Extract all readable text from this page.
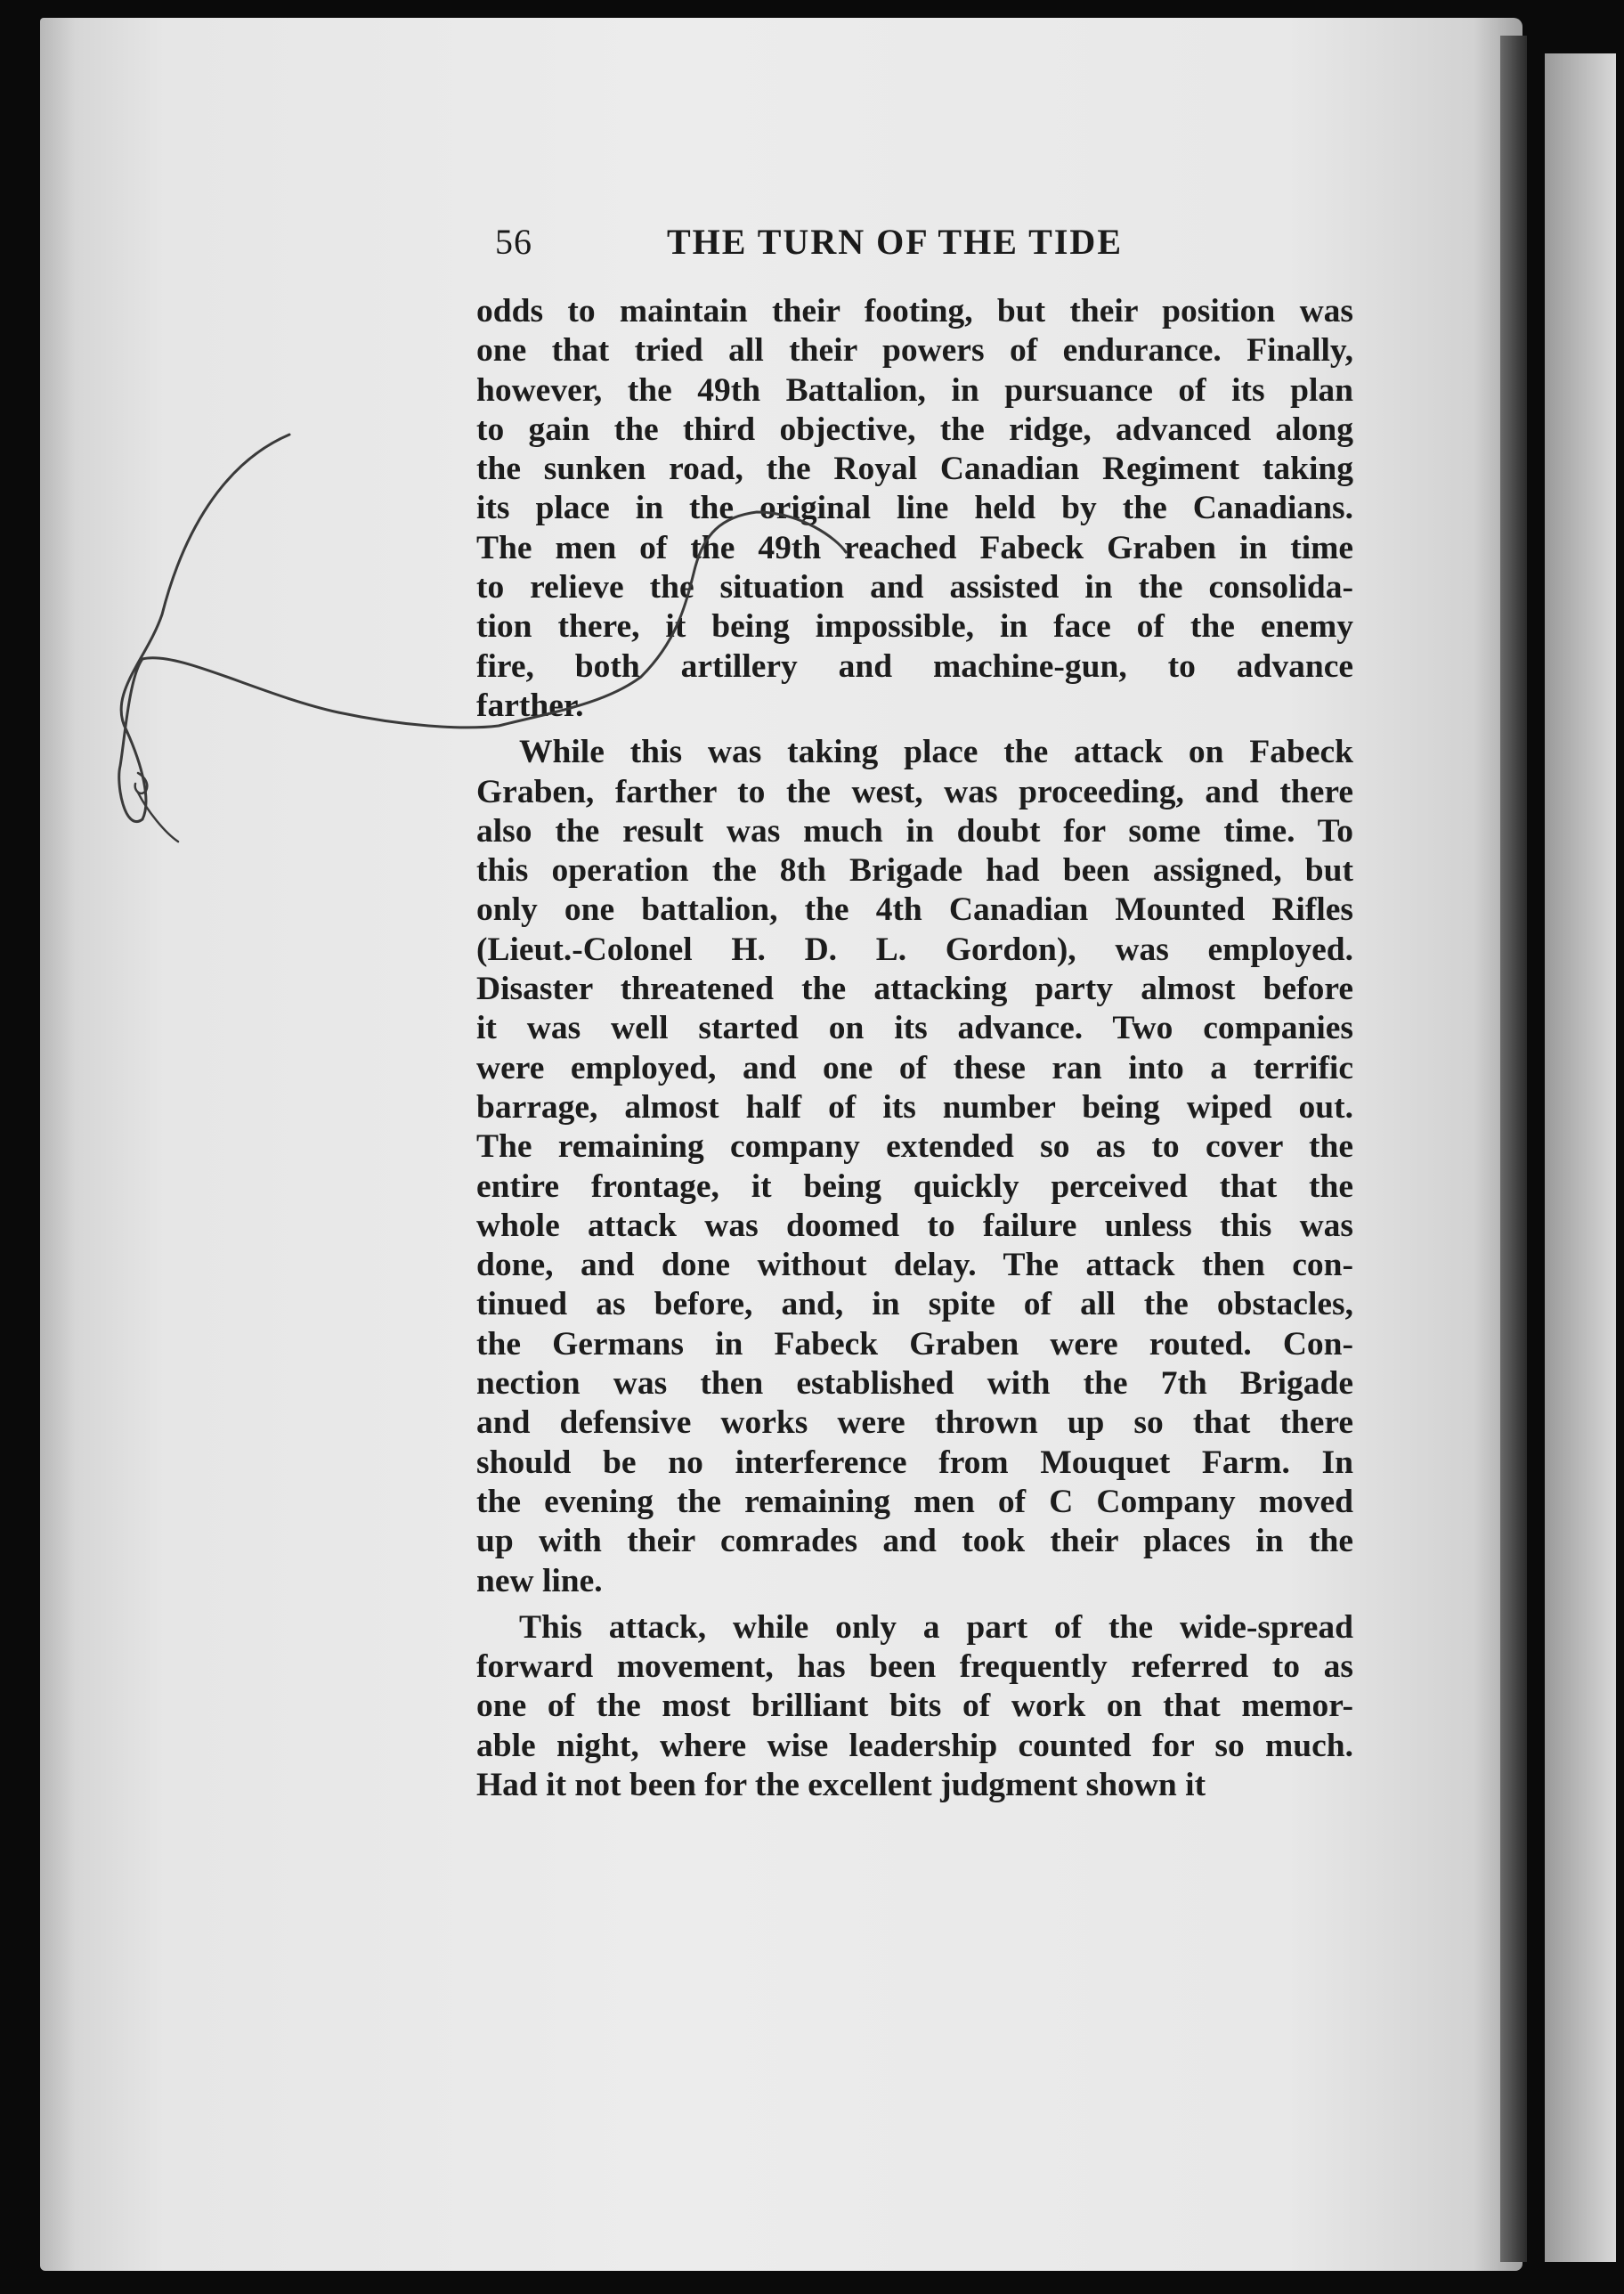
56	THE TURN OF THE TIDE
odds to maintain their footing, but their position was
one that tried all their powers of endurance. Finally,
however, the 49th Battalion, in pursuance of its plan
to gain the third objective, the ridge, advanced along
the sunken road, the Royal Canadian Regiment taking
its place in the original line held by the Canadians.
The men of the 49th reached Fabeck Graben in time
to relieve the situation and assisted in the consolida-
tion there, it being impossible, in face of the enemy
fire, both artillery and machine-gun, to advance
farther.
While this was taking place the attack on Fabeck
Graben, farther to the west, was proceeding, and there
also the result was much in doubt for some time. To
this operation the 8th Brigade had been assigned, but
only one battalion, the 4th Canadian Mounted Rifles
(Lieut.-Colonel H. D. L. Gordon), was employed.
Disaster threatened the attacking party almost before
it was well started on its advance. Two companies
were employed, and one of these ran into a terrific
barrage, almost half of its number being wiped out.
The remaining company extended so as to cover the
entire frontage, it being quickly perceived that the
whole attack was doomed to failure unless this was
done, and done without delay. The attack then con-
tinued as before, and, in spite of all the obstacles,
the Germans in Fabeck Graben were routed. Con-
nection was then established with the 7th Brigade
and defensive works were thrown up so that there
should be no interference from Mouquet Farm. In
the evening the remaining men of C Company moved
up with their comrades and took their places in the
new line.
This attack, while only a part of the wide-spread
forward movement, has been frequently referred to as
one of the most brilliant bits of work on that memor-
able night, where wise leadership counted for so much.
Had it not been for the excellent judgment shown it
